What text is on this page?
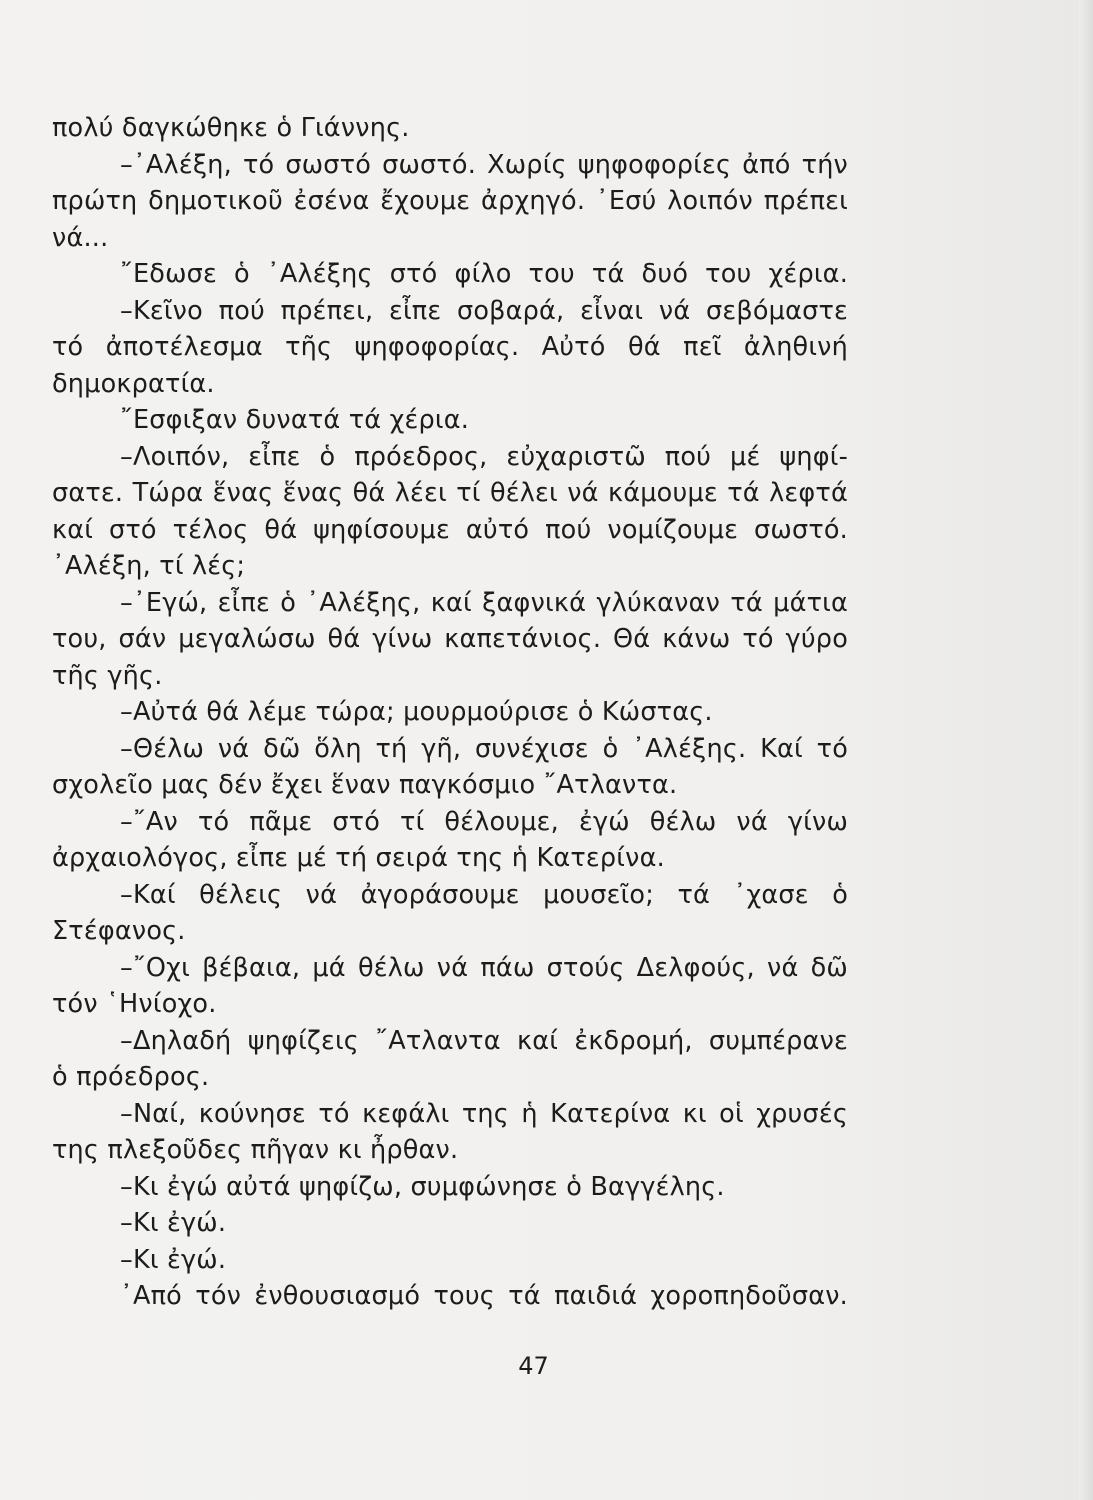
πολύ δαγκώθηκε ὁ Γιάννης.
–᾿Αλέξη, τό σωστό σωστό. Χωρίς ψηφοφορίες ἀπό τήν
πρώτη δημοτικοῦ ἐσένα ἔχουμε ἀρχηγό. ᾿Εσύ λοιπόν πρέπει
νά...
῎Εδωσε ὁ ᾿Αλέξης στό φίλο του τά δυό του χέρια.
–Κεῖνο πού πρέπει, εἶπε σοβαρά, εἶναι νά σεβόμαστε
τό ἀποτέλεσμα τῆς ψηφοφορίας. Αὐτό θά πεῖ ἀληθινή
δημοκρατία.
῎Εσφιξαν δυνατά τά χέρια.
–Λοιπόν, εἶπε ὁ πρόεδρος, εὐχαριστῶ πού μέ ψηφί-
σατε. Τώρα ἕνας ἕνας θά λέει τί θέλει νά κάμουμε τά λεφτά
καί στό τέλος θά ψηφίσουμε αὐτό πού νομίζουμε σωστό.
᾿Αλέξη, τί λές;
–᾿Εγώ, εἶπε ὁ ᾿Αλέξης, καί ξαφνικά γλύκαναν τά μάτια
του, σάν μεγαλώσω θά γίνω καπετάνιος. Θά κάνω τό γύρο
τῆς γῆς.
–Αὐτά θά λέμε τώρα; μουρμούρισε ὁ Κώστας.
–Θέλω νά δῶ ὅλη τή γῆ, συνέχισε ὁ ᾿Αλέξης. Καί τό
σχολεῖο μας δέν ἔχει ἕναν παγκόσμιο ῎Ατλαντα.
–῎Αν τό πᾶμε στό τί θέλουμε, ἐγώ θέλω νά γίνω
ἀρχαιολόγος, εἶπε μέ τή σειρά της ἡ Κατερίνα.
–Καί θέλεις νά ἀγοράσουμε μουσεῖο; τά ᾿χασε ὁ
Στέφανος.
–῎Οχι βέβαια, μά θέλω νά πάω στούς Δελφούς, νά δῶ
τόν ῾Ηνίοχο.
–Δηλαδή ψηφίζεις ῎Ατλαντα καί ἐκδρομή, συμπέρανε
ὁ πρόεδρος.
–Ναί, κούνησε τό κεφάλι της ἡ Κατερίνα κι οἱ χρυσές
της πλεξοῦδες πῆγαν κι ἦρθαν.
–Κι ἐγώ αὐτά ψηφίζω, συμφώνησε ὁ Βαγγέλης.
–Κι ἐγώ.
–Κι ἐγώ.
᾿Από τόν ἐνθουσιασμό τους τά παιδιά χοροπηδοῦσαν.
47
